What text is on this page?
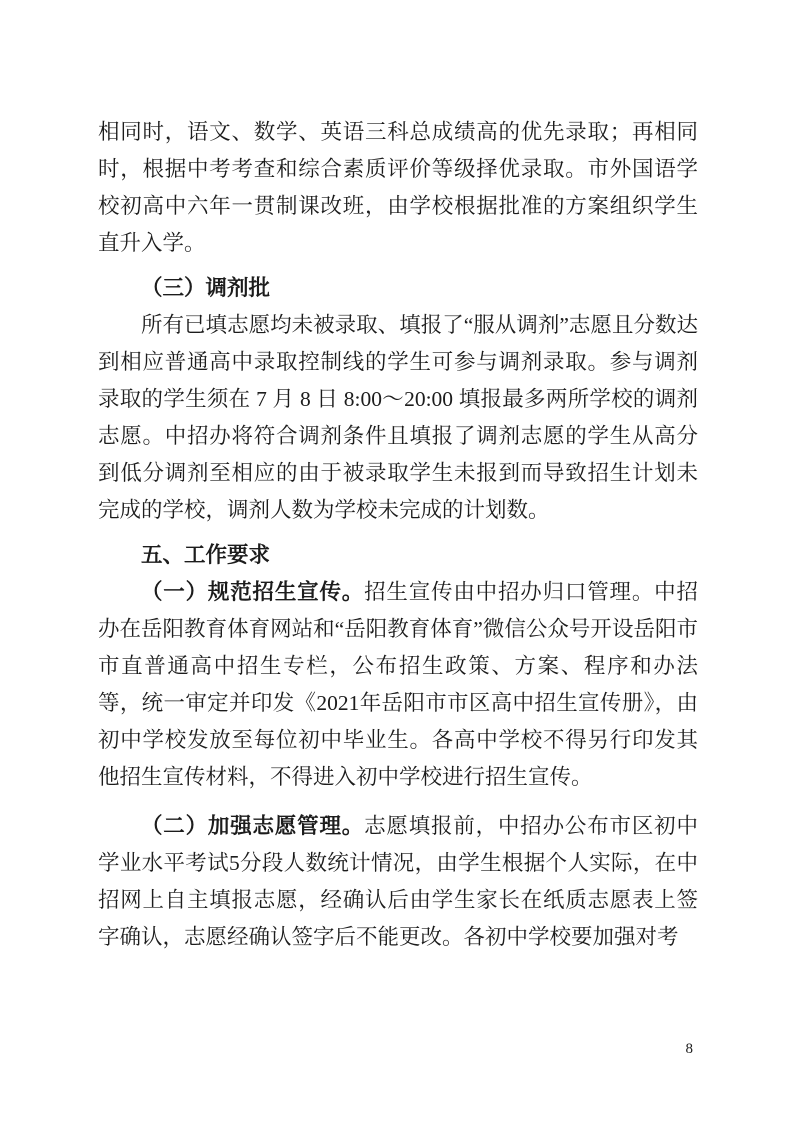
相同时，语文、数学、英语三科总成绩高的优先录取；再相同时，根据中考考查和综合素质评价等级择优录取。市外国语学校初高中六年一贯制课改班，由学校根据批准的方案组织学生直升入学。

（三）调剂批

所有已填志愿均未被录取、填报了“服从调剂”志愿且分数达到相应普通高中录取控制线的学生可参与调剂录取。参与调剂录取的学生须在 7 月 8 日 8:00～20:00 填报最多两所学校的调剂志愿。中招办将符合调剂条件且填报了调剂志愿的学生从高分到低分调剂至相应的由于被录取学生未报到而导致招生计划未完成的学校，调剂人数为学校未完成的计划数。

五、工作要求

（一）规范招生宣传。招生宣传由中招办归口管理。中招办在岳阳教育体育网站和“岳阳教育体育”微信公众号开设岳阳市市直普通高中招生专栏，公布招生政策、方案、程序和办法等，统一审定并印发《2021年岳阳市市区高中招生宣传册》，由初中学校发放至每位初中毕业生。各高中学校不得另行印发其他招生宣传材料，不得进入初中学校进行招生宣传。

（二）加强志愿管理。志愿填报前，中招办公布市区初中学业水平考试5分段人数统计情况，由学生根据个人实际，在中招网上自主填报志愿，经确认后由学生家长在纸质志愿表上签字确认，志愿经确认签字后不能更改。各初中学校要加强对考

8
